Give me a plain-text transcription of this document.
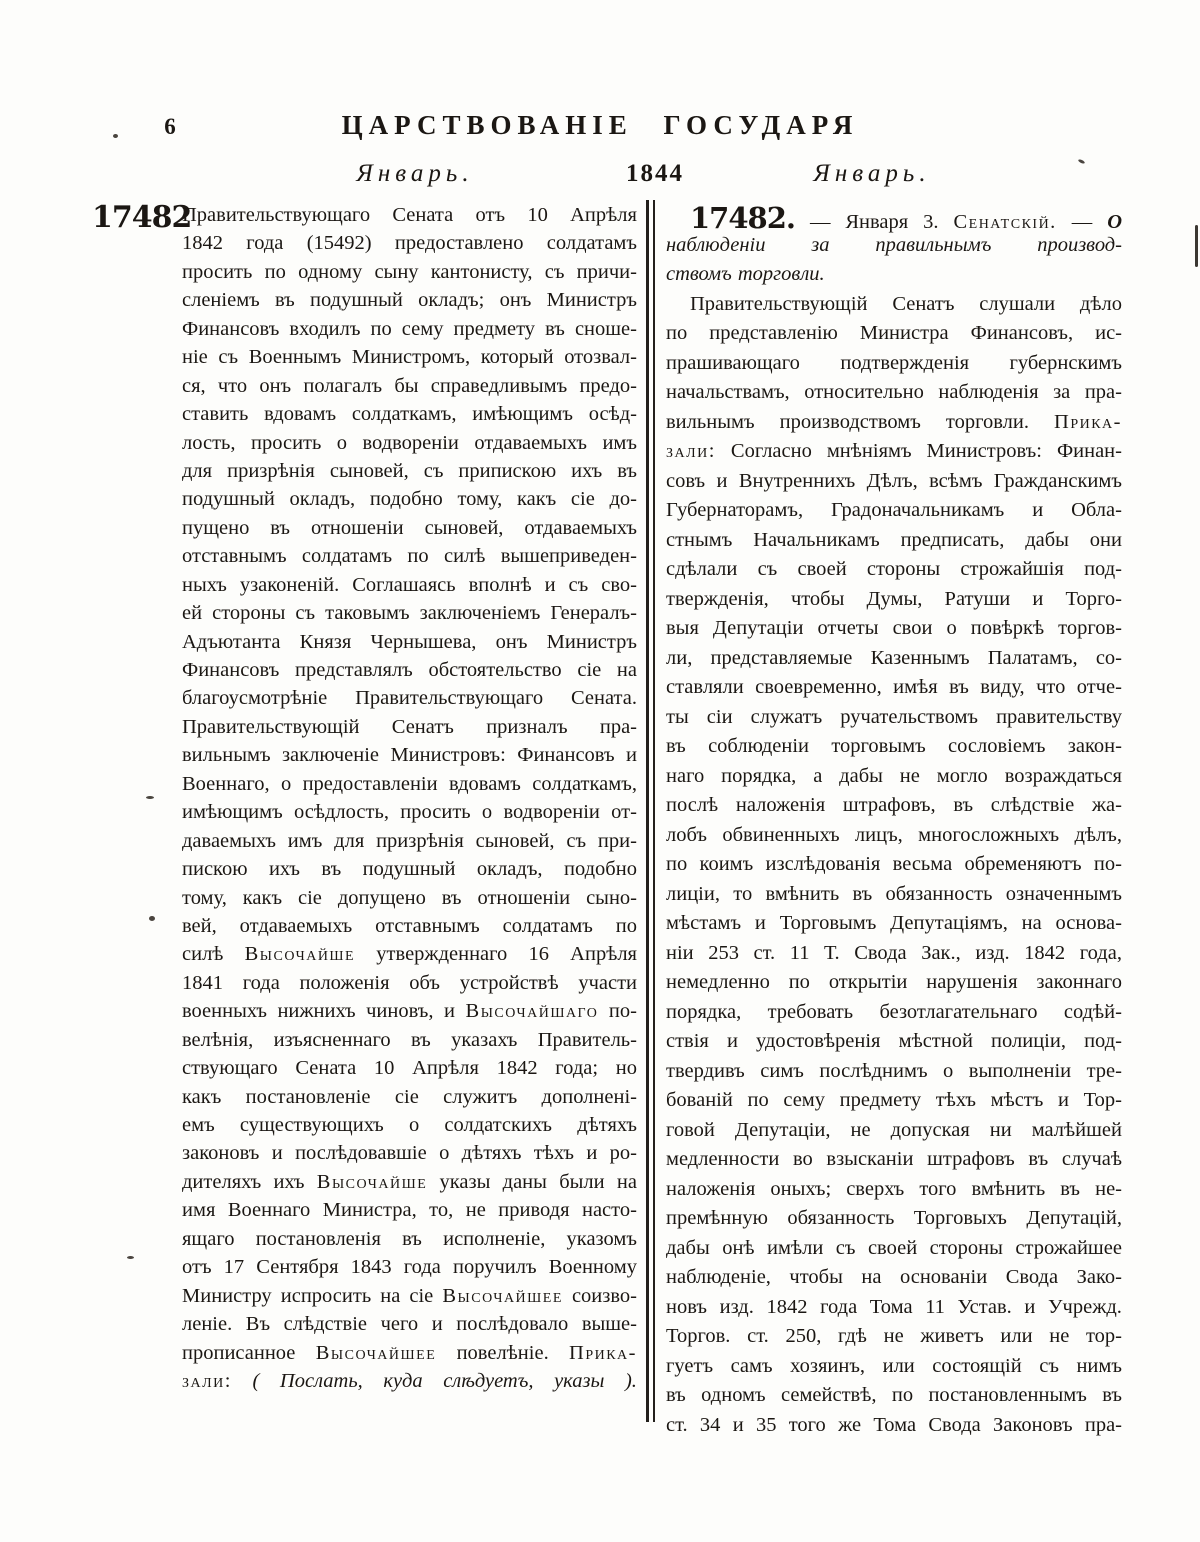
6	ЦАРСТВОВАНІЕ ГОСУДАРЯ
Январь.	1844	Январь.
17482
Правительствующаго Сената отъ 10 Апрѣля
1842 года (15492) предоставлено солдатамъ
просить по одному сыну кантонисту, съ причи-
сленіемъ въ подушный окладъ; онъ Министръ
Финансовъ входилъ по сему предмету въ сноше-
ніе съ Военнымъ Министромъ, который отозвал-
ся, что онъ полагалъ бы справедливымъ предо-
ставить вдовамъ солдаткамъ, имѣющимъ осѣд-
лость, просить о водвореніи отдаваемыхъ имъ
для призрѣнія сыновей, съ припискою ихъ въ
подушный окладъ, подобно тому, какъ сіе до-
пущено въ отношеніи сыновей, отдаваемыхъ
отставнымъ солдатамъ по силѣ вышеприведен-
ныхъ узаконеній. Соглашаясь вполнѣ и съ сво-
ей стороны съ таковымъ заключеніемъ Генералъ-
Адъютанта Князя Чернышева, онъ Министръ
Финансовъ представлялъ обстоятельство сіе на
благоусмотрѣніе Правительствующаго Сената.
Правительствующій Сенатъ призналъ пра-
вильнымъ заключеніе Министровъ: Финансовъ и
Военнаго, о предоставленіи вдовамъ солдаткамъ,
имѣющимъ осѣдлость, просить о водвореніи от-
даваемыхъ имъ для призрѣнія сыновей, съ при-
пискою ихъ въ подушный окладъ, подобно
тому, какъ сіе допущено въ отношеніи сыно-
вей, отдаваемыхъ отставнымъ солдатамъ по
силѣ Высочайше утвержденнаго 16 Апрѣля
1841 года положенія объ устройствѣ участи
военныхъ нижнихъ чиновъ, и Высочайшаго по-
велѣнія, изъясненнаго въ указахъ Правитель-
ствующаго Сената 10 Апрѣля 1842 года; но
какъ постановленіе сіе служитъ дополнені-
емъ существующихъ о солдатскихъ дѣтяхъ
законовъ и послѣдовавшіе о дѣтяхъ тѣхъ и ро-
дителяхъ ихъ Высочайше указы даны были на
имя Военнаго Министра, то, не приводя насто-
ящаго постановленія въ исполненіе, указомъ
отъ 17 Сентября 1843 года поручилъ Военному
Министру испросить на сіе Высочайшее соизво-
леніе. Въ слѣдствіе чего и послѣдовало выше-
прописанное Высочайшее повелѣніе. Прика-
зали: ( Послать, куда слѣдуетъ, указы ).
17482. — Января 3. Сенатскій. — О
наблюденіи за правильнымъ производ-
ствомъ торговли.
Правительствующій Сенатъ слушали дѣло
по представленію Министра Финансовъ, ис-
прашивающаго подтвержденія губернскимъ
начальствамъ, относительно наблюденія за пра-
вильнымъ производствомъ торговли. Прика-
зали: Согласно мнѣніямъ Министровъ: Финан-
совъ и Внутреннихъ Дѣлъ, всѣмъ Гражданскимъ
Губернаторамъ, Градоначальникамъ и Обла-
стнымъ Начальникамъ предписать, дабы они
сдѣлали съ своей стороны строжайшія под-
твержденія, чтобы Думы, Ратуши и Торго-
выя Депутаціи отчеты свои о повѣркѣ торгов-
ли, представляемые Казеннымъ Палатамъ, со-
ставляли своевременно, имѣя въ виду, что отче-
ты сіи служатъ ручательствомъ правительству
въ соблюденіи торговымъ сословіемъ закон-
наго порядка, а дабы не могло возраждаться
послѣ наложенія штрафовъ, въ слѣдствіе жа-
лобъ обвиненныхъ лицъ, многосложныхъ дѣлъ,
по коимъ изслѣдованія весьма обременяютъ по-
лиціи, то вмѣнить въ обязанность означеннымъ
мѣстамъ и Торговымъ Депутаціямъ, на основа-
ніи 253 ст. 11 Т. Свода Зак., изд. 1842 года,
немедленно по открытіи нарушенія законнаго
порядка, требовать безотлагательнаго содѣй-
ствія и удостовѣренія мѣстной полиціи, под-
твердивъ симъ послѣднимъ о выполненіи тре-
бованій по сему предмету тѣхъ мѣстъ и Тор-
говой Депутаціи, не допуская ни малѣйшей
медленности во взысканіи штрафовъ въ случаѣ
наложенія оныхъ; сверхъ того вмѣнить въ не-
премѣнную обязанность Торговыхъ Депутацій,
дабы онѣ имѣли съ своей стороны строжайшее
наблюденіе, чтобы на основаніи Свода Зако-
новъ изд. 1842 года Тома 11 Устав. и Учрежд.
Торгов. ст. 250, гдѣ не живетъ или не тор-
гуетъ самъ хозяинъ, или состоящій съ нимъ
въ одномъ семействѣ, по постановленнымъ въ
ст. 34 и 35 того же Тома Свода Законовъ пра-
